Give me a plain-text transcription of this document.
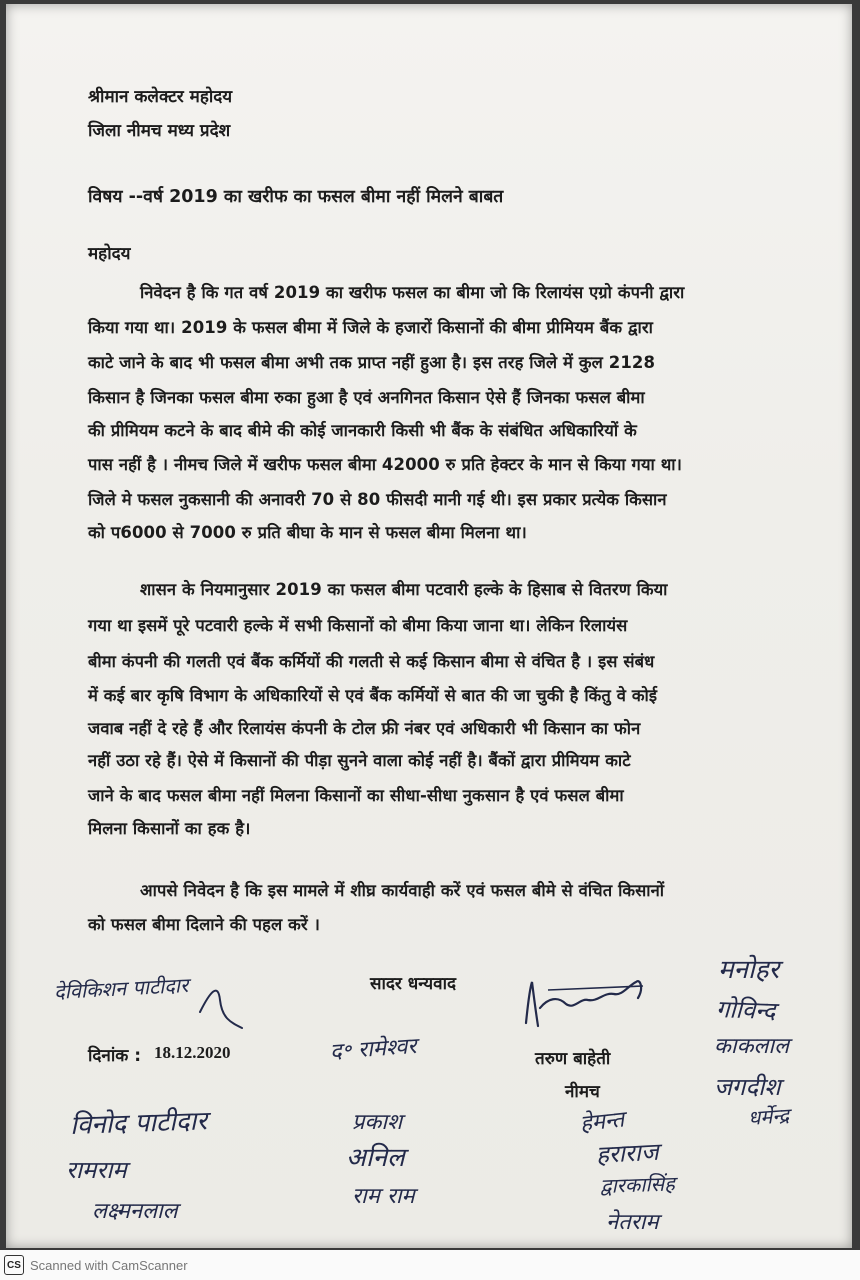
श्रीमान कलेक्टर महोदय
जिला नीमच मध्य प्रदेश
विषय --वर्ष 2019 का खरीफ का फसल बीमा नहीं मिलने बाबत
महोदय
निवेदन है कि गत वर्ष 2019 का खरीफ फसल का बीमा जो कि रिलायंस एग्रो कंपनी द्वारा
किया गया था। 2019 के फसल बीमा में जिले के हजारों किसानों की बीमा प्रीमियम बैंक द्वारा
काटे जाने के बाद भी फसल बीमा अभी तक प्राप्त नहीं हुआ है। इस तरह जिले में कुल 2128
किसान है जिनका फसल बीमा रुका हुआ है एवं अनगिनत किसान ऐसे हैं जिनका फसल बीमा
की प्रीमियम कटने के बाद बीमे की कोई जानकारी किसी भी बैंक के संबंधित अधिकारियों के
पास नहीं है । नीमच जिले में खरीफ फसल बीमा 42000 रु प्रति हेक्टर के मान से किया गया था।
जिले मे फसल नुकसानी की अनावरी 70 से 80 फीसदी मानी गई थी। इस प्रकार प्रत्येक किसान
को प6000 से 7000 रु प्रति बीघा के मान से फसल बीमा मिलना था।
शासन के नियमानुसार 2019 का फसल बीमा पटवारी हल्के के हिसाब से वितरण किया
गया था इसमें पूरे पटवारी हल्के में सभी किसानों को बीमा किया जाना था। लेकिन रिलायंस
बीमा कंपनी की गलती एवं बैंक कर्मियों की गलती से कई किसान बीमा से वंचित है । इस संबंध
में कई बार कृषि विभाग के अधिकारियों से एवं बैंक कर्मियों से बात की जा चुकी है किंतु वे कोई
जवाब नहीं दे रहे हैं और रिलायंस कंपनी के टोल फ्री नंबर एवं अधिकारी भी किसान का फोन
नहीं उठा रहे हैं। ऐसे में किसानों की पीड़ा सुनने वाला कोई नहीं है। बैंकों द्वारा प्रीमियम काटे
जाने के बाद फसल बीमा नहीं मिलना किसानों का सीधा-सीधा नुकसान है एवं फसल बीमा
मिलना किसानों का हक है।
आपसे निवेदन है कि इस मामले में शीघ्र कार्यवाही करें एवं फसल बीमे से वंचित किसानों
को फसल बीमा दिलाने की पहल करें ।
सादर धन्यवाद
दिनांक : 18.12.2020	तरुण बाहेती
नीमच
देविकिशन पाटीदार
द॰ रामेश्वर
मनोहर
गोविन्द
काकलाल
जगदीश
धर्मेन्द्र
हेमन्त
हराराज
द्वारकासिंह
नेतराम
विनोद पाटीदार
रामराम
लक्ष्मनलाल
प्रकाश
अनिल
राम राम
CS Scanned with CamScanner
